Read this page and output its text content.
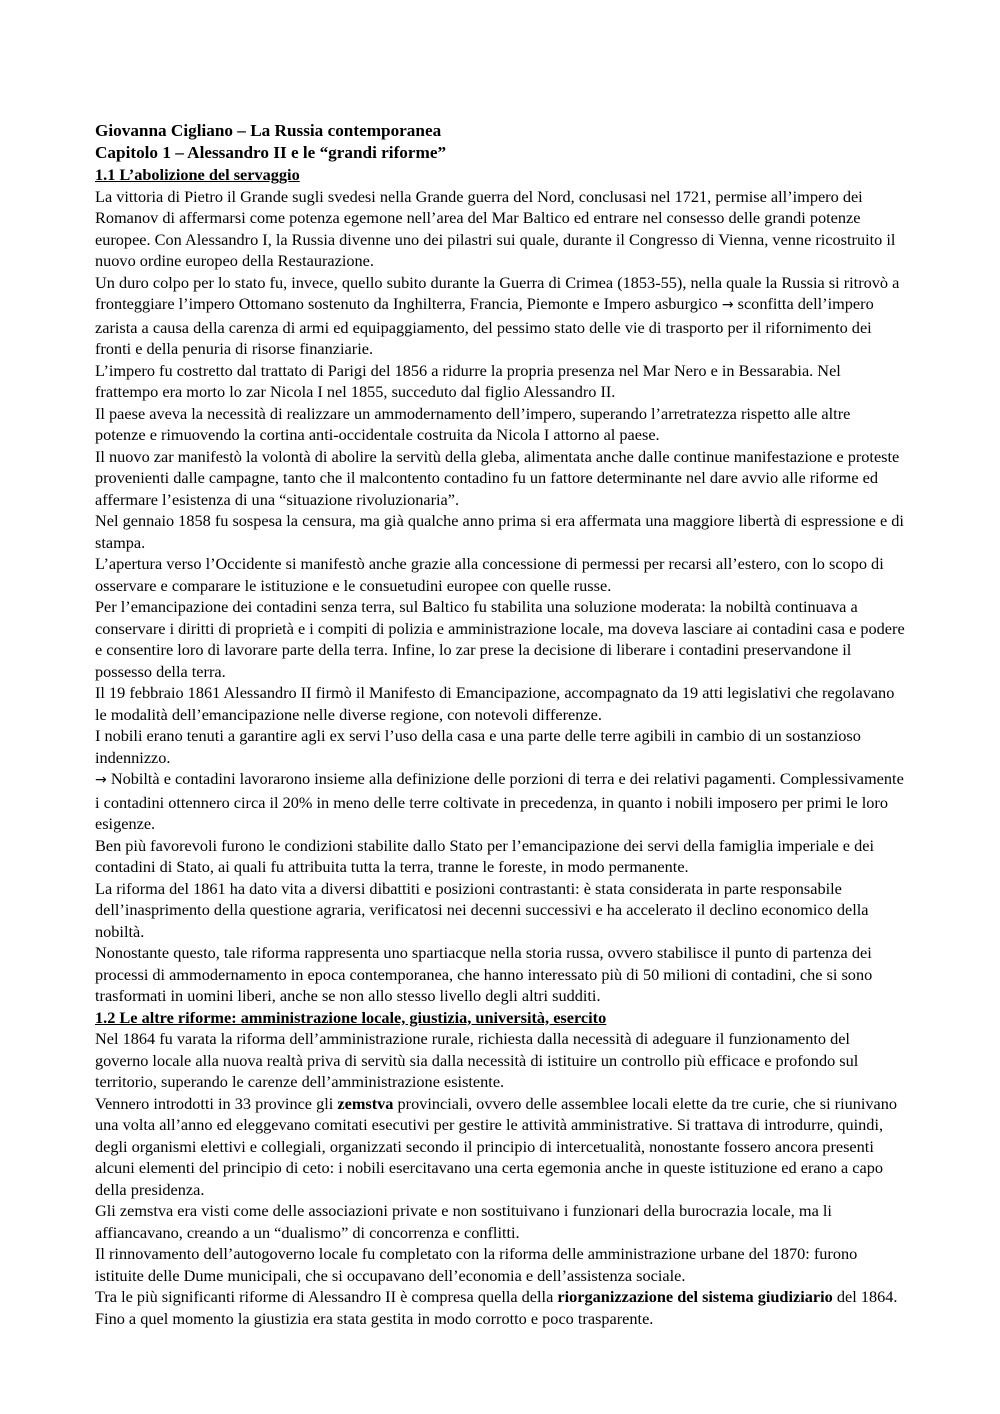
Giovanna Cigliano – La Russia contemporanea

Capitolo 1 – Alessandro II e le “grandi riforme”

1.1 L’abolizione del servaggio

La vittoria di Pietro il Grande sugli svedesi nella Grande guerra del Nord, conclusasi nel 1721, permise all’impero dei Romanov di affermarsi come potenza egemone nell’area del Mar Baltico ed entrare nel consesso delle grandi potenze europee. Con Alessandro I, la Russia divenne uno dei pilastri sui quale, durante il Congresso di Vienna, venne ricostruito il nuovo ordine europeo della Restaurazione.

Un duro colpo per lo stato fu, invece, quello subito durante la Guerra di Crimea (1853-55), nella quale la Russia si ritrovò a fronteggiare l’impero Ottomano sostenuto da Inghilterra, Francia, Piemonte e Impero asburgico → sconfitta dell’impero zarista a causa della carenza di armi ed equipaggiamento, del pessimo stato delle vie di trasporto per il rifornimento dei fronti e della penuria di risorse finanziarie.

L’impero fu costretto dal trattato di Parigi del 1856 a ridurre la propria presenza nel Mar Nero e in Bessarabia. Nel frattempo era morto lo zar Nicola I nel 1855, succeduto dal figlio Alessandro II.

Il paese aveva la necessità di realizzare un ammodernamento dell’impero, superando l’arretratezza rispetto alle altre potenze e rimuovendo la cortina anti-occidentale costruita da Nicola I attorno al paese.

Il nuovo zar manifestò la volontà di abolire la servitù della gleba, alimentata anche dalle continue manifestazione e proteste provenienti dalle campagne, tanto che il malcontento contadino fu un fattore determinante nel dare avvio alle riforme ed affermare l’esistenza di una “situazione rivoluzionaria”.

Nel gennaio 1858 fu sospesa la censura, ma già qualche anno prima si era affermata una maggiore libertà di espressione e di stampa.

L’apertura verso l’Occidente si manifestò anche grazie alla concessione di permessi per recarsi all’estero, con lo scopo di osservare e comparare le istituzione e le consuetudini europee con quelle russe.

Per l’emancipazione dei contadini senza terra, sul Baltico fu stabilita una soluzione moderata: la nobiltà continuava a conservare i diritti di proprietà e i compiti di polizia e amministrazione locale, ma doveva lasciare ai contadini casa e podere e consentire loro di lavorare parte della terra. Infine, lo zar prese la decisione di liberare i contadini preservandone il possesso della terra.

Il 19 febbraio 1861 Alessandro II firmò il Manifesto di Emancipazione, accompagnato da 19 atti legislativi che regolavano le modalità dell’emancipazione nelle diverse regione, con notevoli differenze.

I nobili erano tenuti a garantire agli ex servi l’uso della casa e una parte delle terre agibili in cambio di un sostanzioso indennizzo.

→ Nobiltà e contadini lavorarono insieme alla definizione delle porzioni di terra e dei relativi pagamenti. Complessivamente i contadini ottennero circa il 20% in meno delle terre coltivate in precedenza, in quanto i nobili imposero per primi le loro esigenze.

Ben più favorevoli furono le condizioni stabilite dallo Stato per l’emancipazione dei servi della famiglia imperiale e dei contadini di Stato, ai quali fu attribuita tutta la terra, tranne le foreste, in modo permanente.

La riforma del 1861 ha dato vita a diversi dibattiti e posizioni contrastanti: è stata considerata in parte responsabile dell’inasprimento della questione agraria, verificatosi nei decenni successivi e ha accelerato il declino economico della nobiltà.

Nonostante questo, tale riforma rappresenta uno spartiacque nella storia russa, ovvero stabilisce il punto di partenza dei processi di ammodernamento in epoca contemporanea, che hanno interessato più di 50 milioni di contadini, che si sono trasformati in uomini liberi, anche se non allo stesso livello degli altri sudditi.

1.2 Le altre riforme: amministrazione locale, giustizia, università, esercito

Nel 1864 fu varata la riforma dell’amministrazione rurale, richiesta dalla necessità di adeguare il funzionamento del governo locale alla nuova realtà priva di servitù sia dalla necessità di istituire un controllo più efficace e profondo sul territorio, superando le carenze dell’amministrazione esistente.

Vennero introdotti in 33 province gli zemstva provinciali, ovvero delle assemblee locali elette da tre curie, che si riunivano una volta all’anno ed eleggevano comitati esecutivi per gestire le attività amministrative. Si trattava di introdurre, quindi, degli organismi elettivi e collegiali, organizzati secondo il principio di intercetualità, nonostante fossero ancora presenti alcuni elementi del principio di ceto: i nobili esercitavano una certa egemonia anche in queste istituzione ed erano a capo della presidenza.

Gli zemstva era visti come delle associazioni private e non sostituivano i funzionari della burocrazia locale, ma li affiancavano, creando a un “dualismo” di concorrenza e conflitti.

Il rinnovamento dell’autogoverno locale fu completato con la riforma delle amministrazione urbane del 1870: furono istituite delle Dume municipali, che si occupavano dell’economia e dell’assistenza sociale.

Tra le più significanti riforme di Alessandro II è compresa quella della riorganizzazione del sistema giudiziario del 1864. Fino a quel momento la giustizia era stata gestita in modo corrotto e poco trasparente.
